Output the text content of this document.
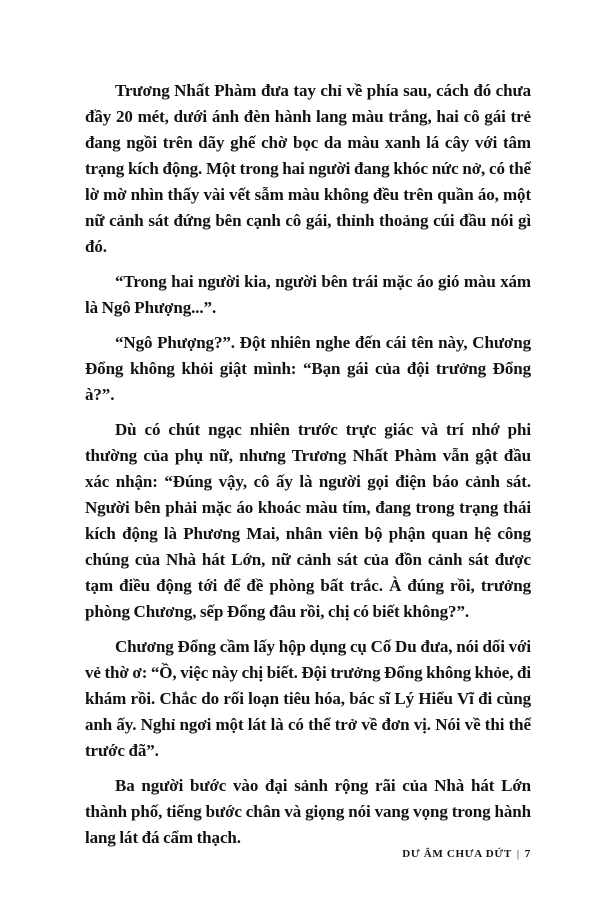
Trương Nhất Phàm đưa tay chỉ về phía sau, cách đó chưa đầy 20 mét, dưới ánh đèn hành lang màu trắng, hai cô gái trẻ đang ngồi trên dãy ghế chờ bọc da màu xanh lá cây với tâm trạng kích động. Một trong hai người đang khóc nức nở, có thể lờ mờ nhìn thấy vài vết sẫm màu không đều trên quần áo, một nữ cảnh sát đứng bên cạnh cô gái, thỉnh thoảng cúi đầu nói gì đó.

“Trong hai người kia, người bên trái mặc áo gió màu xám là Ngô Phượng...”.

“Ngô Phượng?”. Đột nhiên nghe đến cái tên này, Chương Đổng không khỏi giật mình: “Bạn gái của đội trưởng Đổng à?”.

Dù có chút ngạc nhiên trước trực giác và trí nhớ phi thường của phụ nữ, nhưng Trương Nhất Phàm vẫn gật đầu xác nhận: “Đúng vậy, cô ấy là người gọi điện báo cảnh sát. Người bên phải mặc áo khoác màu tím, đang trong trạng thái kích động là Phương Mai, nhân viên bộ phận quan hệ công chúng của Nhà hát Lớn, nữ cảnh sát của đồn cảnh sát được tạm điều động tới để đề phòng bất trắc. À đúng rồi, trưởng phòng Chương, sếp Đổng đâu rồi, chị có biết không?”.

Chương Đổng cầm lấy hộp dụng cụ Cố Du đưa, nói dối với vẻ thờ ơ: “Ồ, việc này chị biết. Đội trưởng Đổng không khỏe, đi khám rồi. Chắc do rối loạn tiêu hóa, bác sĩ Lý Hiểu Vĩ đi cùng anh ấy. Nghỉ ngơi một lát là có thể trở về đơn vị. Nói về thi thể trước đã”.

Ba người bước vào đại sảnh rộng rãi của Nhà hát Lớn thành phố, tiếng bước chân và giọng nói vang vọng trong hành lang lát đá cẩm thạch.

DƯ ÂM CHƯA DỨT | 7
